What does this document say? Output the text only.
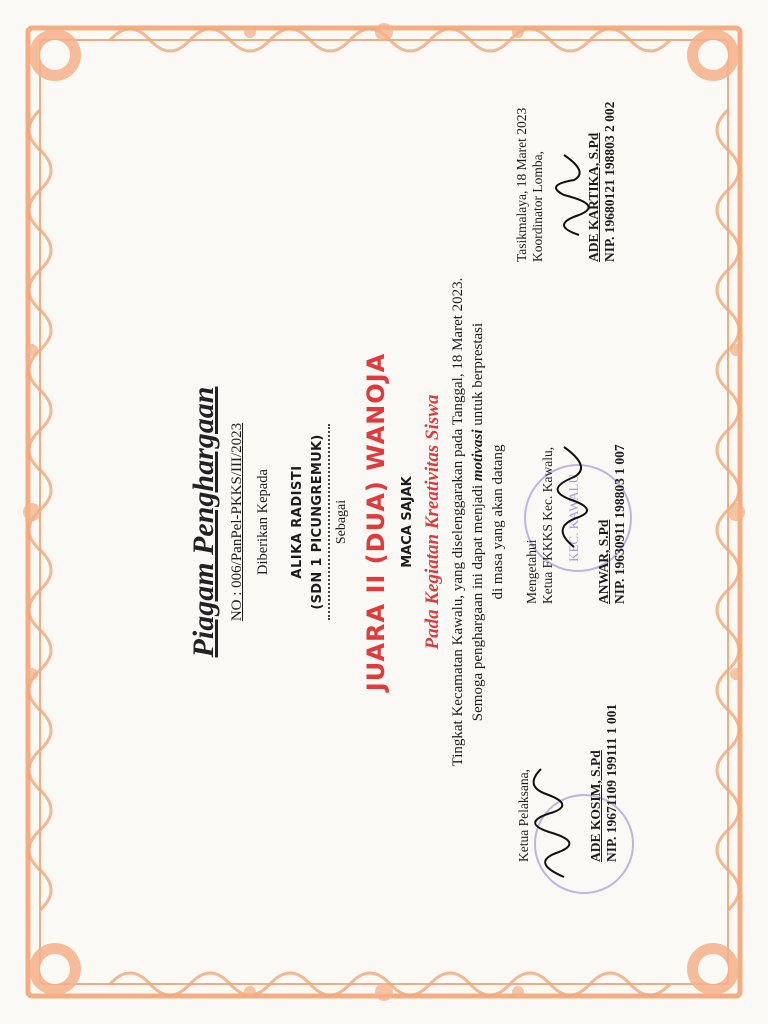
Piagam Penghargaan NO : 006/PanPel-PKKS/III/2023 Diberikan Kepada ALIKA RADISTI (SDN 1 PICUNGREMUK) Sebagai JUARA II (DUA) WANOJA MACA SAJAK Pada Kegiatan Kreativitas Siswa Tingkat Kecamatan Kawalu, yang diselenggarakan pada Tanggal, 18 Maret 2023. Semoga penghargaan ini dapat menjadi motivasi untuk berprestasi
di masa yang akan datang
Ketua Pelaksana,	ADE KOSIM, S.Pd NIP. 19671109 199111 1 001
KEC. KAWALU
Mengetahui Ketua FKKKS Kec. Kawalu,	ANWAR, S.Pd NIP. 19630911 198803 1 007
Tasikmalaya, 18 Maret 2023 Koordinator Lomba,	ADE KARTIKA, S.Pd NIP. 19680121 198803 2 002
